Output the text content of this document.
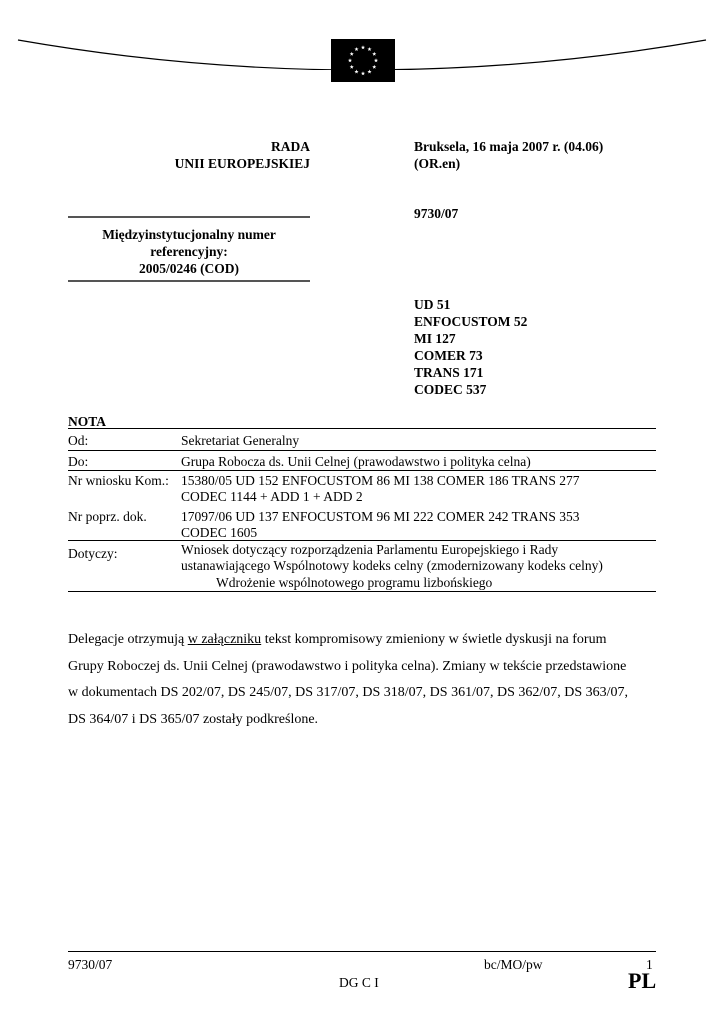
RADA
UNII EUROPEJSKIEJ
Bruksela, 16 maja 2007 r. (04.06)
(OR.en)
9730/07
Międzyinstytucjonalny numer
referencyjny:
2005/0246 (COD)
UD 51
ENFOCUSTOM 52
MI 127
COMER 73
TRANS 171
CODEC 537
NOTA
Od:	Sekretariat Generalny
Do:	Grupa Robocza ds. Unii Celnej (prawodawstwo i polityka celna)
Nr wniosku Kom.: 15380/05 UD 152 ENFOCUSTOM 86 MI 138 COMER 186 TRANS 277
CODEC 1144 + ADD 1 + ADD 2
Nr poprz. dok.	17097/06 UD 137 ENFOCUSTOM 96 MI 222 COMER 242 TRANS 353
CODEC 1605
Dotyczy:	Wniosek dotyczący rozporządzenia Parlamentu Europejskiego i Rady
ustanawiającego Wspólnotowy kodeks celny (zmodernizowany kodeks celny)
Wdrożenie wspólnotowego programu lizbońskiego
Delegacje otrzymują w załączniku tekst kompromisowy zmieniony w świetle dyskusji na forum
Grupy Roboczej ds. Unii Celnej (prawodawstwo i polityka celna). Zmiany w tekście przedstawione
w dokumentach DS 202/07, DS 245/07, DS 317/07, DS 318/07, DS 361/07, DS 362/07, DS 363/07,
DS 364/07 i DS 365/07 zostały podkreślone.
9730/07	bc/MO/pw	1
DG C I	PL
